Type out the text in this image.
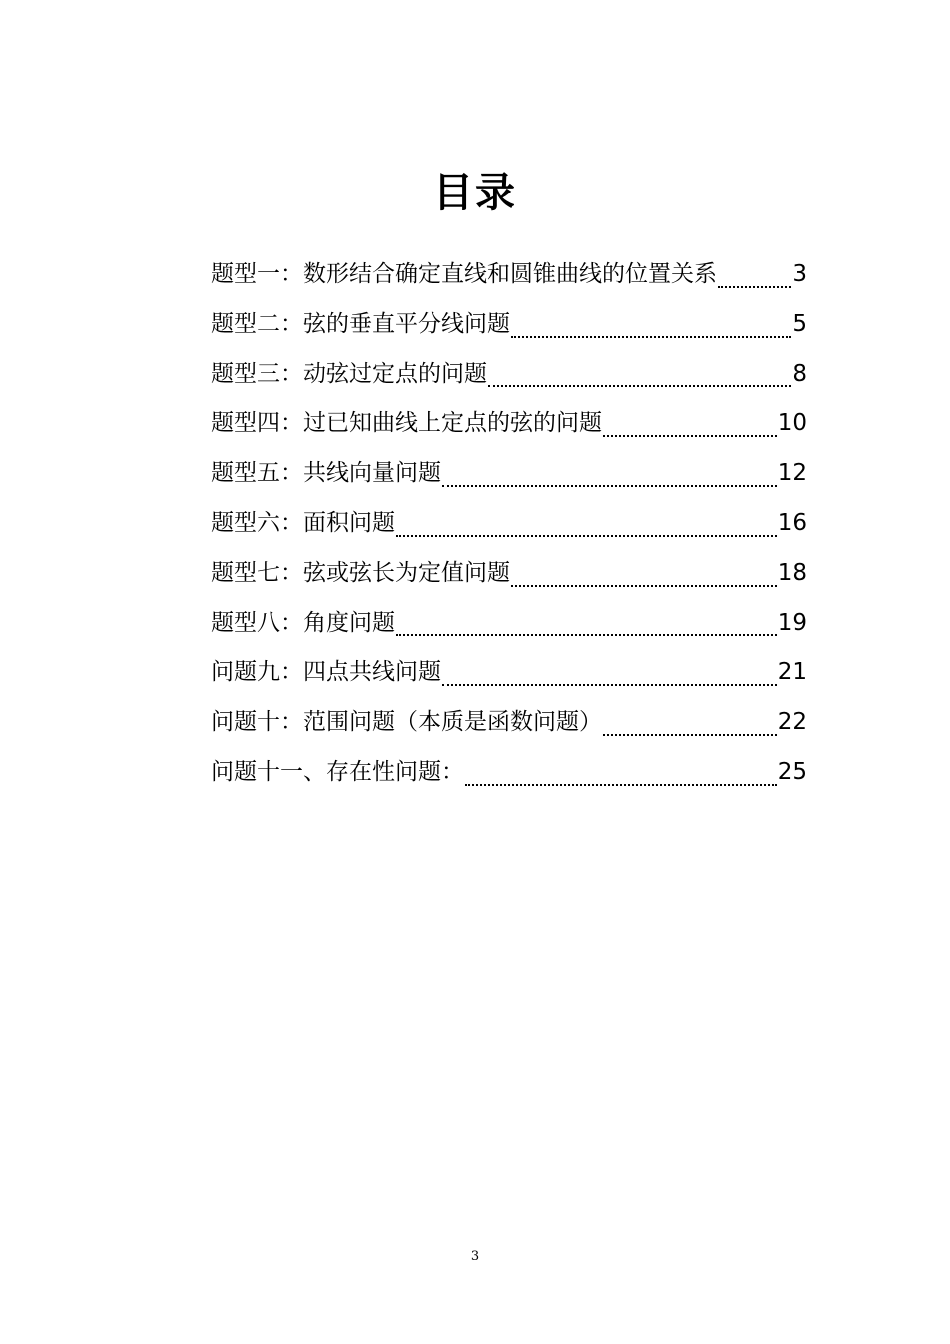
目录
题型一：数形结合确定直线和圆锥曲线的位置关系	3
题型二：弦的垂直平分线问题	5
题型三：动弦过定点的问题	8
题型四：过已知曲线上定点的弦的问题	10
题型五：共线向量问题	12
题型六：面积问题	16
题型七：弦或弦长为定值问题	18
题型八：角度问题	19
问题九：四点共线问题	21
问题十：范围问题（本质是函数问题）	22
问题十一、存在性问题：	25
3
